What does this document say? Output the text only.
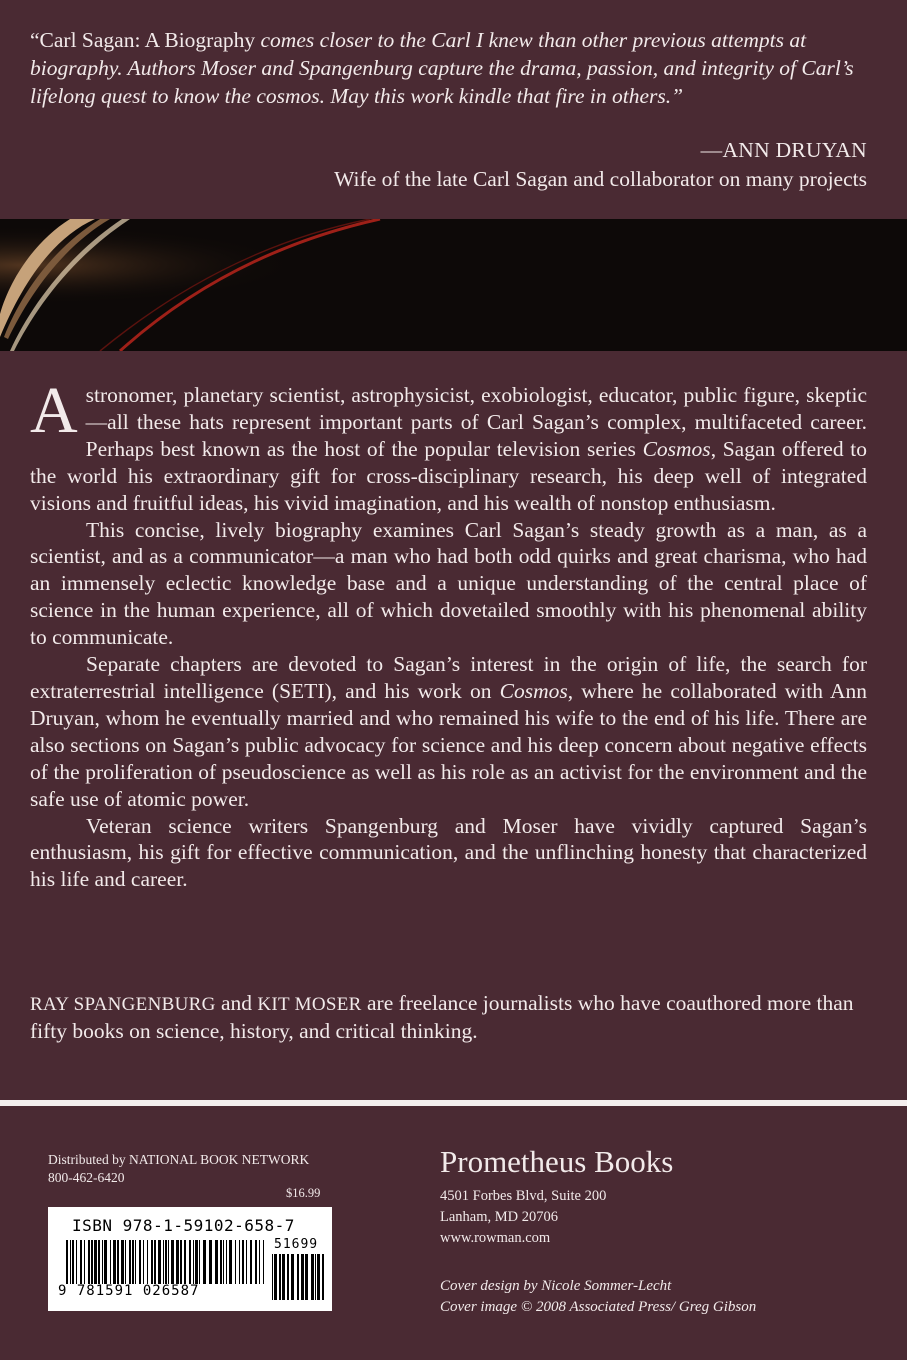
“Carl Sagan: A Biography comes closer to the Carl I knew than other previous attempts at biography. Authors Moser and Spangenburg capture the drama, passion, and integrity of Carl’s lifelong quest to know the cosmos. May this work kindle that fire in others.”
—ANN DRUYAN
Wife of the late Carl Sagan and collaborator on many projects

Astronomer, planetary scientist, astrophysicist, exobiologist, educator, public figure, skeptic—all these hats represent important parts of Carl Sagan’s complex, multifaceted career. Perhaps best known as the host of the popular television series Cosmos, Sagan offered to the world his extraordinary gift for cross-disciplinary research, his deep well of integrated visions and fruitful ideas, his vivid imagination, and his wealth of nonstop enthusiasm.

This concise, lively biography examines Carl Sagan’s steady growth as a man, as a scientist, and as a communicator—a man who had both odd quirks and great charisma, who had an immensely eclectic knowledge base and a unique understanding of the central place of science in the human experience, all of which dovetailed smoothly with his phenomenal ability to communicate.

Separate chapters are devoted to Sagan’s interest in the origin of life, the search for extraterrestrial intelligence (SETI), and his work on Cosmos, where he collaborated with Ann Druyan, whom he eventually married and who remained his wife to the end of his life. There are also sections on Sagan’s public advocacy for science and his deep concern about negative effects of the proliferation of pseudoscience as well as his role as an activist for the environment and the safe use of atomic power.

Veteran science writers Spangenburg and Moser have vividly captured Sagan’s enthusiasm, his gift for effective communication, and the unflinching honesty that characterized his life and career.

RAY SPANGENBURG and KIT MOSER are freelance journalists who have coauthored more than fifty books on science, history, and critical thinking.
Distributed by NATIONAL BOOK NETWORK
800-462-6420
$16.99
ISBN 978-1-59102-658-7
9 781591 026587
51699
Prometheus Books
4501 Forbes Blvd, Suite 200
Lanham, MD 20706
www.rowman.com
Cover design by Nicole Sommer-Lecht
Cover image © 2008 Associated Press/ Greg Gibson
